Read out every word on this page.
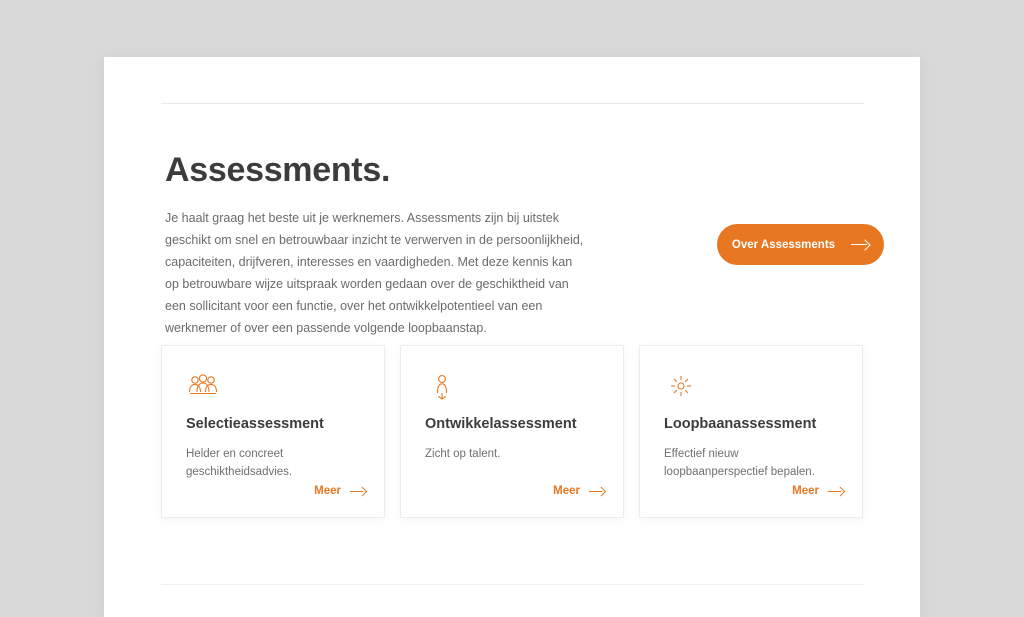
Assessments.

Je haalt graag het beste uit je werknemers. Assessments zijn bij uitstek geschikt om snel en betrouwbaar inzicht te verwerven in de persoonlijkheid, capaciteiten, drijfveren, interesses en vaardigheden. Met deze kennis kan op betrouwbare wijze uitspraak worden gedaan over de geschiktheid van een sollicitant voor een functie, over het ontwikkelpotentieel van een werknemer of over een passende volgende loopbaanstap.

Over Assessments
Selectieassessment

Helder en concreet geschiktheidsadvies.

Meer
Ontwikkelassessment

Zicht op talent.

Meer
Loopbaanassessment

Effectief nieuw loopbaanperspectief bepalen.

Meer
